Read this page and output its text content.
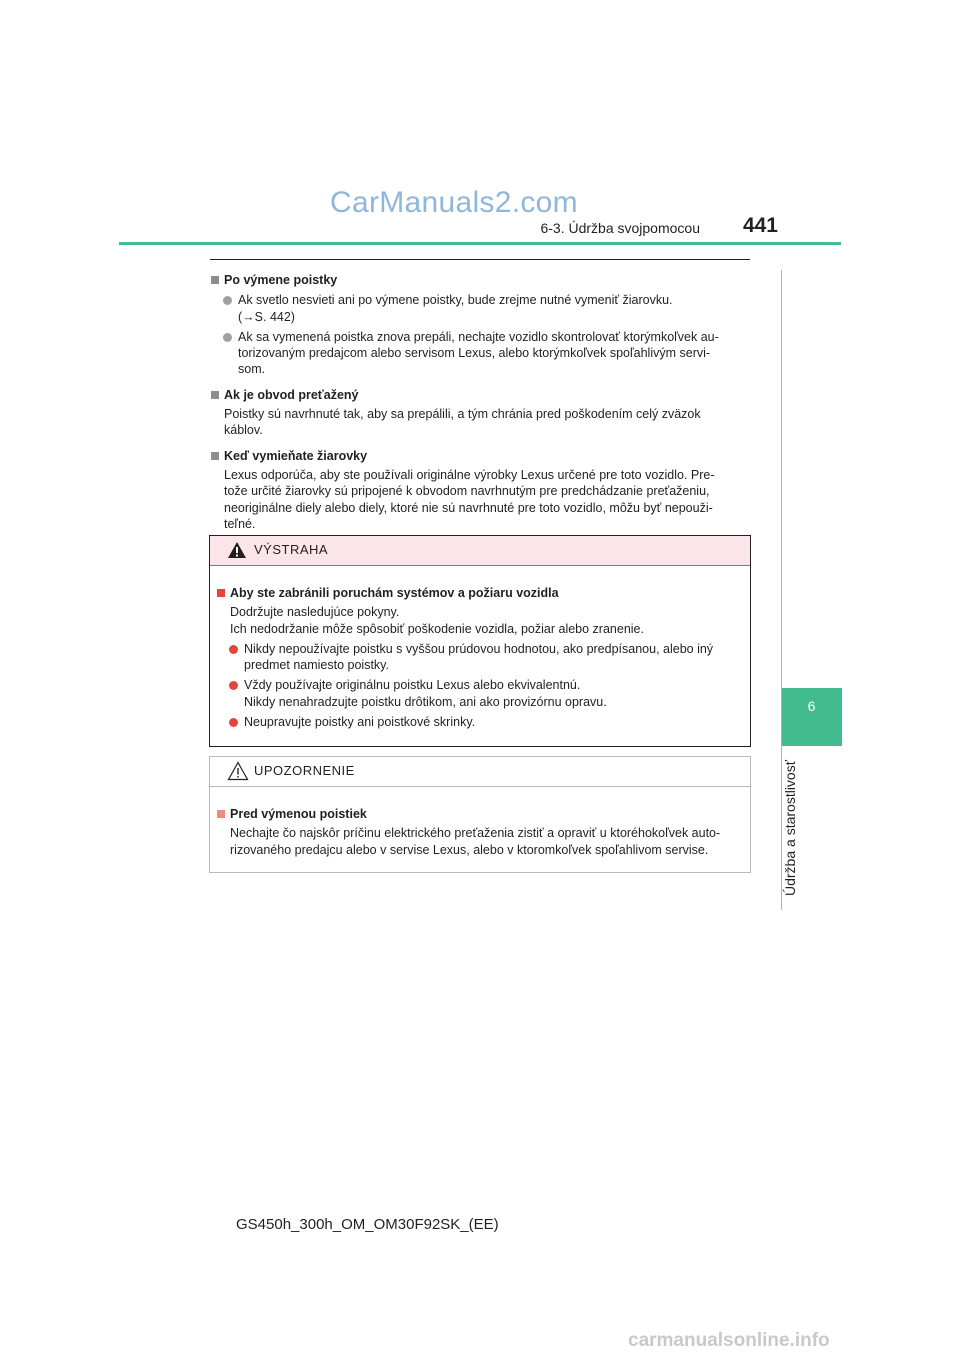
CarManuals2.com
6-3. Údržba svojpomocou	441
6
Údržba a starostlivosť
Po výmene poistky
Ak svetlo nesvieti ani po výmene poistky, bude zrejme nutné vymeniť žiarovku.
(→S. 442)
Ak sa vymenená poistka znova prepáli, nechajte vozidlo skontrolovať ktorýmkoľvek au-
torizovaným predajcom alebo servisom Lexus, alebo ktorýmkoľvek spoľahlivým servi-
som.
Ak je obvod preťažený
Poistky sú navrhnuté tak, aby sa prepálili, a tým chránia pred poškodením celý zväzok
káblov.
Keď vymieňate žiarovky
Lexus odporúča, aby ste používali originálne výrobky Lexus určené pre toto vozidlo. Pre-
tože určité žiarovky sú pripojené k obvodom navrhnutým pre predchádzanie preťaženiu,
neoriginálne diely alebo diely, ktoré nie sú navrhnuté pre toto vozidlo, môžu byť nepouži-
teľné.
VÝSTRAHA
Aby ste zabránili poruchám systémov a požiaru vozidla
Dodržujte nasledujúce pokyny.
Ich nedodržanie môže spôsobiť poškodenie vozidla, požiar alebo zranenie.
Nikdy nepoužívajte poistku s vyššou prúdovou hodnotou, ako predpísanou, alebo iný
predmet namiesto poistky.
Vždy používajte originálnu poistku Lexus alebo ekvivalentnú.
Nikdy nenahradzujte poistku drôtikom, ani ako provizórnu opravu.
Neupravujte poistky ani poistkové skrinky.
UPOZORNENIE
Pred výmenou poistiek
Nechajte čo najskôr príčinu elektrického preťaženia zistiť a opraviť u ktoréhokoľvek auto-
rizovaného predajcu alebo v servise Lexus, alebo v ktoromkoľvek spoľahlivom servise.
GS450h_300h_OM_OM30F92SK_(EE)
carmanualsonline.info
